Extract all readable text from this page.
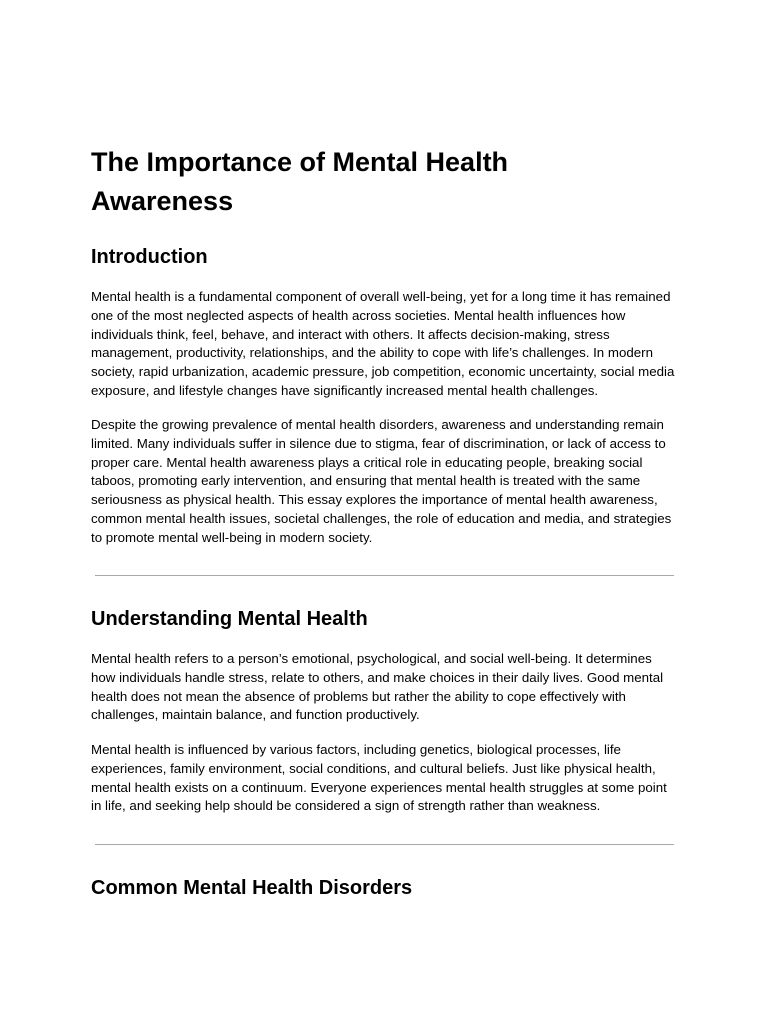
The Importance of Mental Health Awareness
Introduction

Mental health is a fundamental component of overall well-being, yet for a long time it has remained one of the most neglected aspects of health across societies. Mental health influences how individuals think, feel, behave, and interact with others. It affects decision-making, stress management, productivity, relationships, and the ability to cope with life’s challenges. In modern society, rapid urbanization, academic pressure, job competition, economic uncertainty, social media exposure, and lifestyle changes have significantly increased mental health challenges.

Despite the growing prevalence of mental health disorders, awareness and understanding remain limited. Many individuals suffer in silence due to stigma, fear of discrimination, or lack of access to proper care. Mental health awareness plays a critical role in educating people, breaking social taboos, promoting early intervention, and ensuring that mental health is treated with the same seriousness as physical health. This essay explores the importance of mental health awareness, common mental health issues, societal challenges, the role of education and media, and strategies to promote mental well-being in modern society.

Understanding Mental Health

Mental health refers to a person’s emotional, psychological, and social well-being. It determines how individuals handle stress, relate to others, and make choices in their daily lives. Good mental health does not mean the absence of problems but rather the ability to cope effectively with challenges, maintain balance, and function productively.

Mental health is influenced by various factors, including genetics, biological processes, life experiences, family environment, social conditions, and cultural beliefs. Just like physical health, mental health exists on a continuum. Everyone experiences mental health struggles at some point in life, and seeking help should be considered a sign of strength rather than weakness.

Common Mental Health Disorders
